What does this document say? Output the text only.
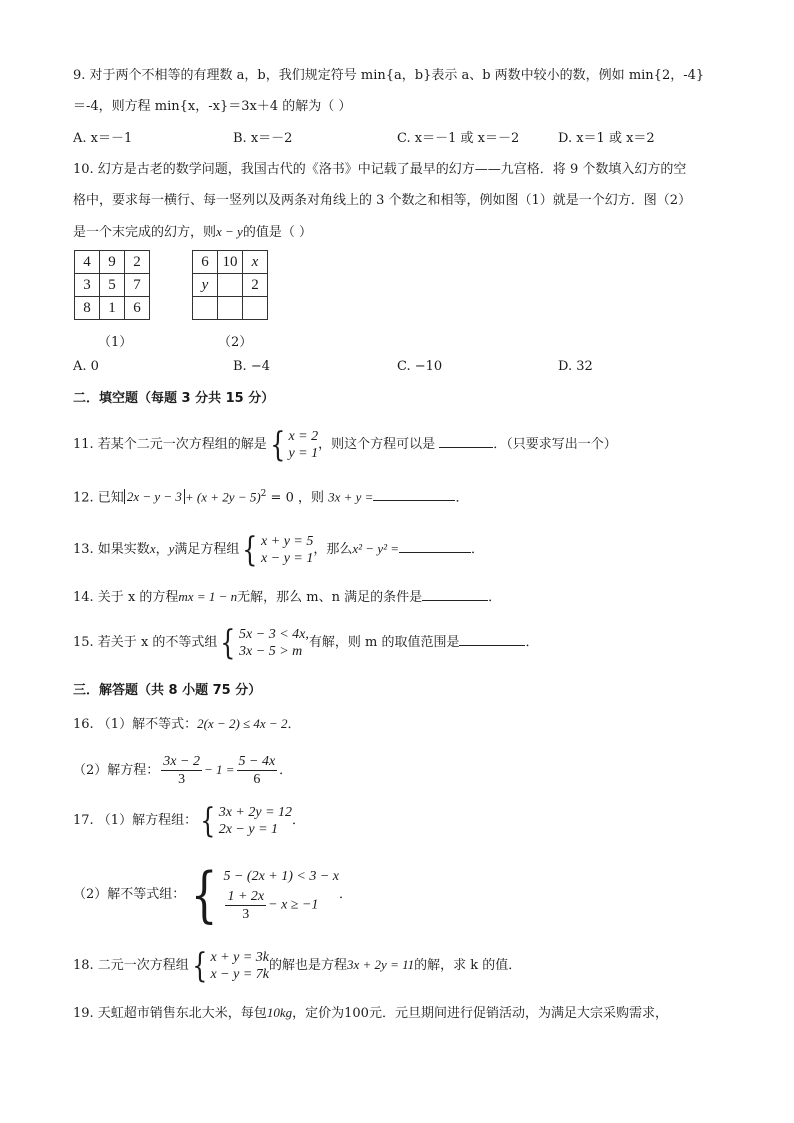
9. 对于两个不相等的有理数 a，b，我们规定符号 min{a，b}表示 a、b 两数中较小的数，例如 min{2，-4}
＝-4，则方程 min{x，-x}＝3x＋4 的解为（ ）
A. x＝－1	B. x＝－2	C. x＝－1 或 x＝－2	D. x＝1 或 x＝2
10. 幻方是古老的数学问题，我国古代的《洛书》中记载了最早的幻方——九宫格．将 9 个数填入幻方的空
格中，要求每一横行、每一竖列以及两条对角线上的 3 个数之和相等，例如图（1）就是一个幻方．图（2）
是一个末完成的幻方，则x − y的值是（ ）
4	9	2
3	5	7
8	1	6
6	10	x
y		2

（1）	（2）
A. 0	B. −4	C. −10	D. 32
二．填空题（每题 3 分共 15 分）
11. 若某个二元一次方程组的解是{ x = 2
y = 1
，则这个方程可以是	．（只要求写出一个）
12. 已知 $2x - y - 3 + (x + 2y - 5)^2 = 0$ ，则 3x + y =	．
13. 如果实数x，y满足方程组{ x + y = 5
x − y = 1
，那么x² − y² =	．
14. 关于 x 的方程mx = 1 − n无解，那么 m、n 满足的条件是	．
15. 若关于 x 的不等式组{ 5x − 3 < 4x,
3x − 5 > m
有解，则 m 的取值范围是	．
三．解答题（共 8 小题 75 分）
16. （1）解不等式：2(x − 2) ≤ 4x − 2．
（2）解方程： $\frac{3x - 2}{3} - 1 = \frac{5 - 4x}{6}$ ．
17. （1）解方程组：{ 3x + 2y = 12
2x − y = 1
．
（2）解不等式组：{ 5 − (2x + 1) < 3 − x
$\frac{1 + 2x}{3} - x \ge -1$
．
18. 二元一次方程组{ x + y = 3k
x − y = 7k
的解也是方程3x + 2y = 11的解，求 k 的值．
19. 天虹超市销售东北大米，每包10kg，定价为100元．元旦期间进行促销活动，为满足大宗采购需求，
